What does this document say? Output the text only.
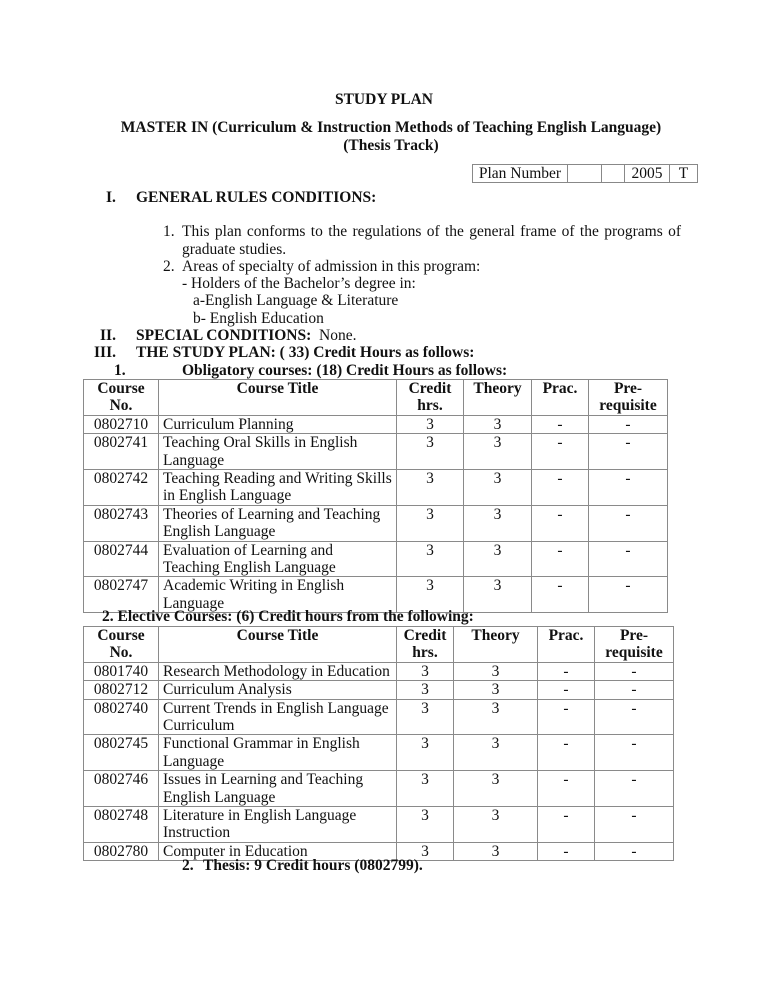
STUDY PLAN
MASTER IN (Curriculum & Instruction Methods of Teaching English Language) (Thesis Track)
Plan Number			2005	T
I. GENERAL RULES CONDITIONS:
1. This plan conforms to the regulations of the general frame of the programs of graduate studies.
2. Areas of specialty of admission in this program:
- Holders of the Bachelor’s degree in:
a-English Language & Literature
b- English Education
II. SPECIAL CONDITIONS: None.
III. THE STUDY PLAN: ( 33) Credit Hours as follows:
1.	Obligatory courses: (18) Credit Hours as follows:
Course No.	Course Title	Credit hrs.	Theory	Prac.	Pre-requisite
0802710	Curriculum Planning	3	3	-	-
0802741	Teaching Oral Skills in English Language	3	3	-	-
0802742	Teaching Reading and Writing Skills in English Language	3	3	-	-
0802743	Theories of Learning and Teaching English Language	3	3	-	-
0802744	Evaluation of Learning and Teaching English Language	3	3	-	-
0802747	Academic Writing in English Language	3	3	-	-
2. Elective Courses: (6) Credit hours from the following:
Course No.	Course Title	Credit hrs.	Theory	Prac.	Pre-requisite
0801740	Research Methodology in Education	3	3	-	-
0802712	Curriculum Analysis	3	3	-	-
0802740	Current Trends in English Language Curriculum	3	3	-	-
0802745	Functional Grammar in English Language	3	3	-	-
0802746	Issues in Learning and Teaching English Language	3	3	-	-
0802748	Literature in English Language Instruction	3	3	-	-
0802780	Computer in Education	3	3	-	-
2. Thesis: 9 Credit hours (0802799).
